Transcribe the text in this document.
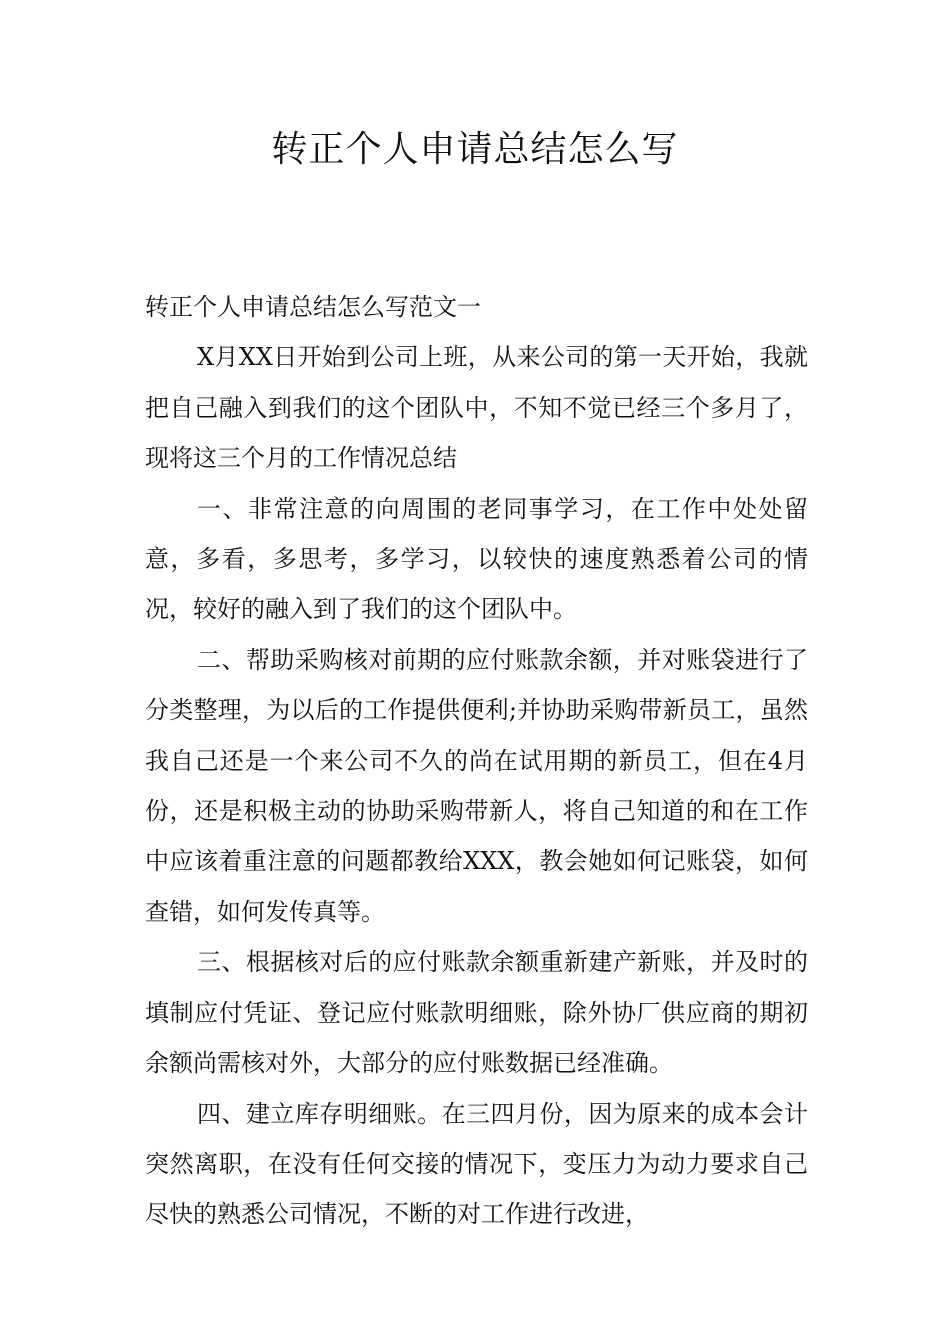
转正个人申请总结怎么写

转正个人申请总结怎么写范文一

X月XX日开始到公司上班，从来公司的第一天开始，我就把自己融入到我们的这个团队中，不知不觉已经三个多月了，现将这三个月的工作情况总结

一、非常注意的向周围的老同事学习，在工作中处处留意，多看，多思考，多学习，以较快的速度熟悉着公司的情况，较好的融入到了我们的这个团队中。

二、帮助采购核对前期的应付账款余额，并对账袋进行了分类整理，为以后的工作提供便利;并协助采购带新员工，虽然我自己还是一个来公司不久的尚在试用期的新员工，但在4月份，还是积极主动的协助采购带新人，将自己知道的和在工作中应该着重注意的问题都教给XXX，教会她如何记账袋，如何查错，如何发传真等。

三、根据核对后的应付账款余额重新建产新账，并及时的填制应付凭证、登记应付账款明细账，除外协厂供应商的期初余额尚需核对外，大部分的应付账数据已经准确。

四、建立库存明细账。在三四月份，因为原来的成本会计突然离职，在没有任何交接的情况下，变压力为动力要求自己尽快的熟悉公司情况，不断的对工作进行改进，
